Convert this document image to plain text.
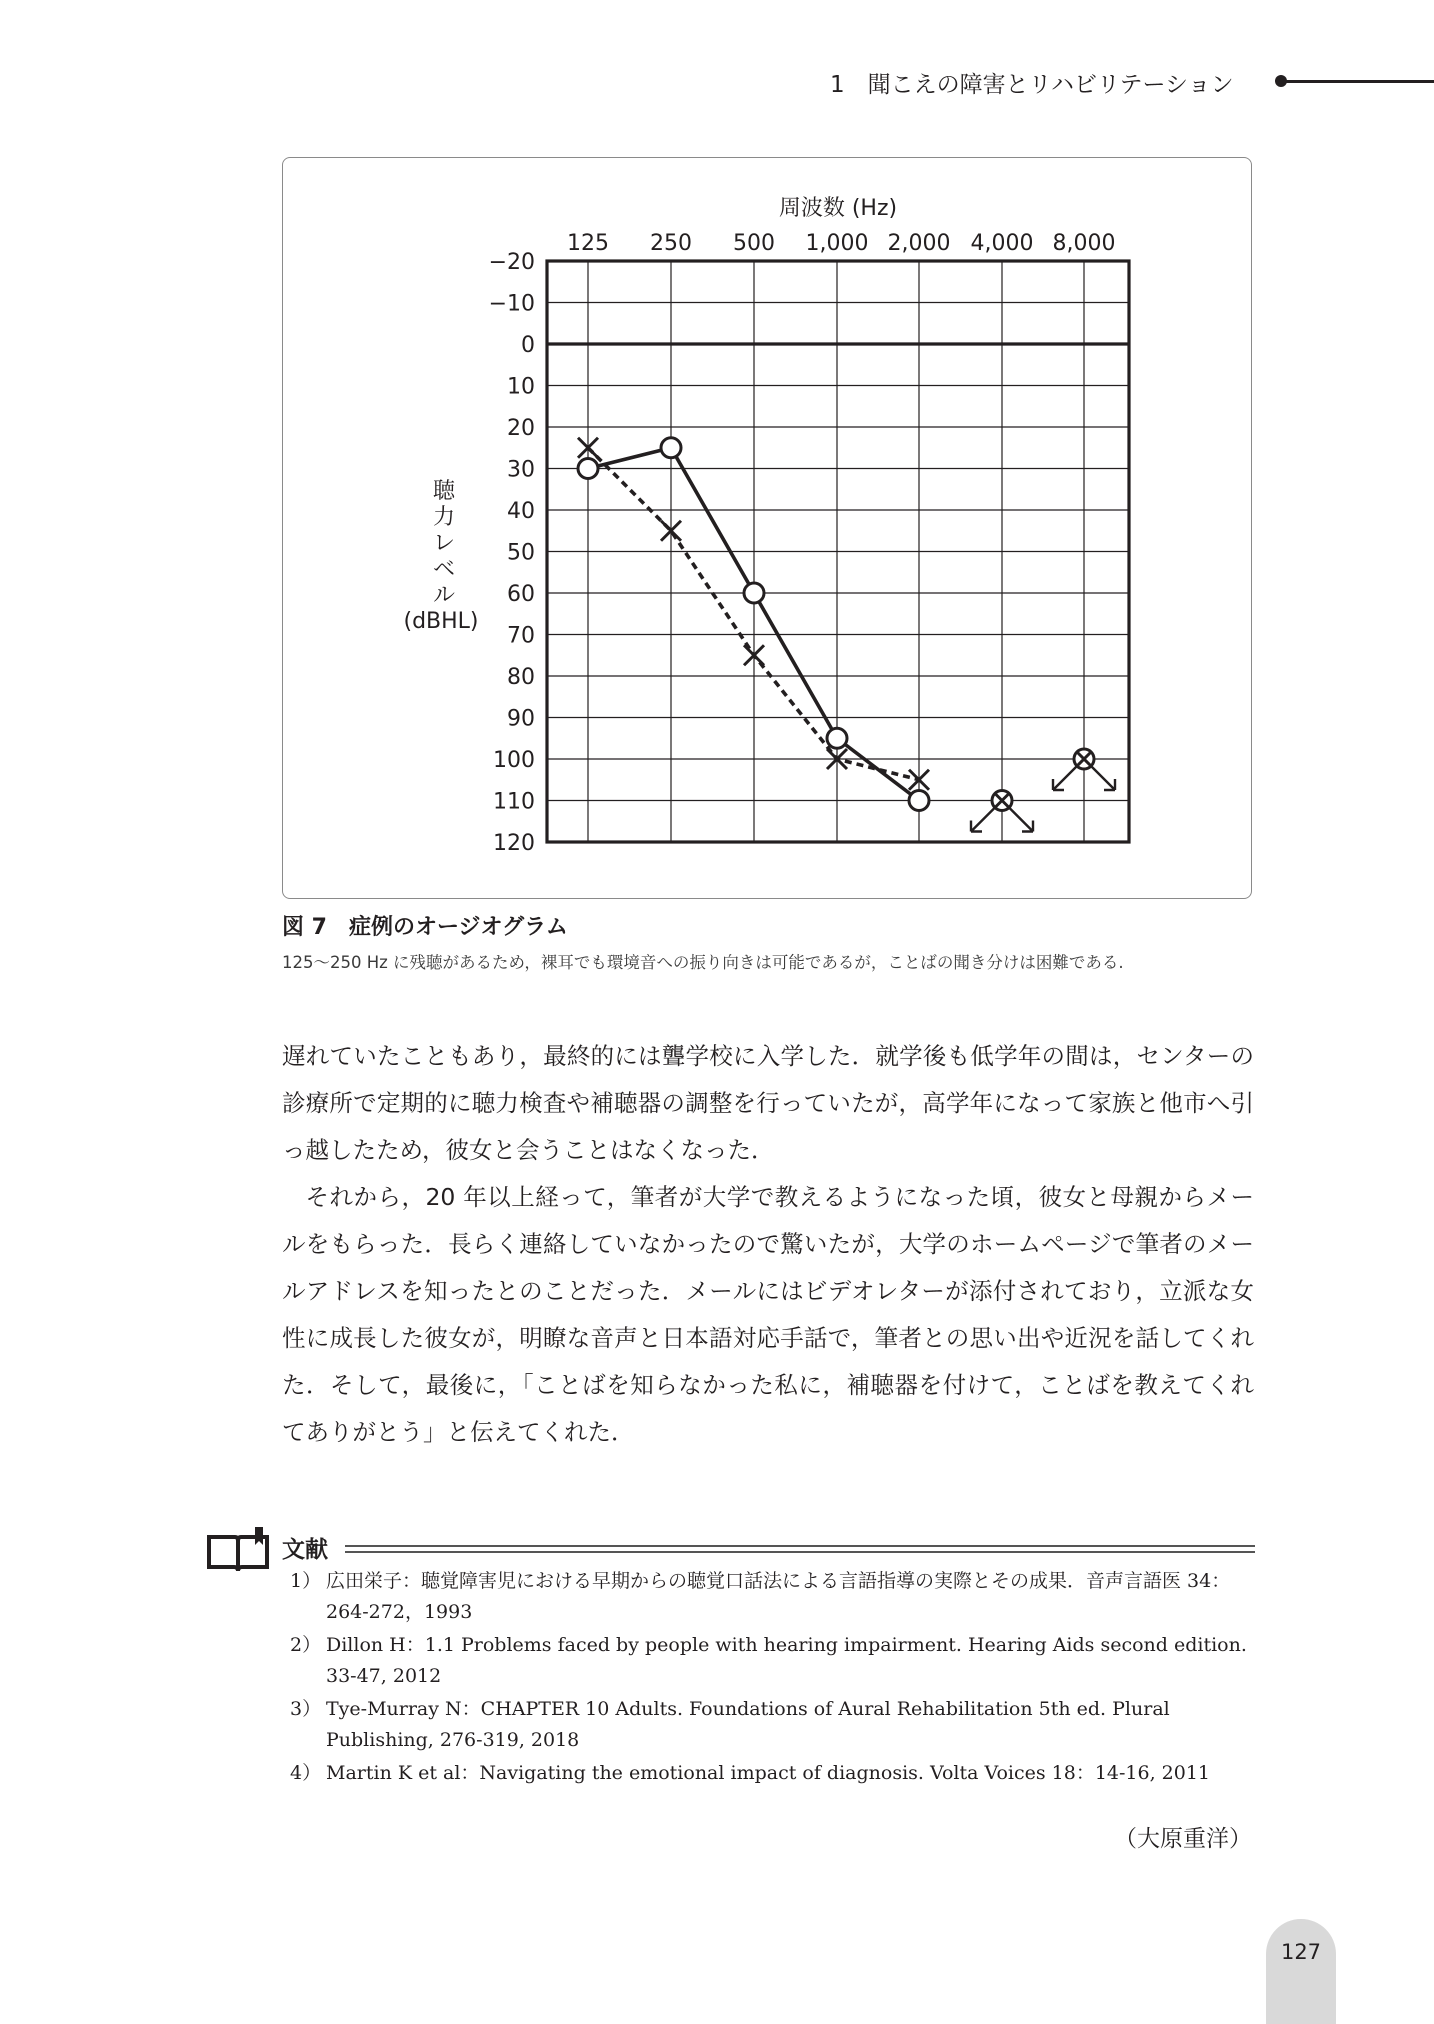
1　聞こえの障害とリハビリテーション
周波数 (Hz)
125 250 500 1,000 2,000 4,000 8,000
−20
−10
0
10
20
30
40
50
60
70
80
90
100
110
120
聴
力
レ
ベ
ル
(dBHL)
図 7　 症例のオージオグラム
125～250 Hz に残聴があるため，裸耳でも環境音への振り向きは可能であるが，ことばの聞き分けは困難である.

遅れていたこともあり，最終的には聾学校に入学した．就学後も低学年の間は，センターの診療所で定期的に聴力検査や補聴器の調整を行っていたが，高学年になって家族と他市へ引っ越したため，彼女と会うことはなくなった．

それから，20 年以上経って，筆者が大学で教えるようになった頃，彼女と母親からメールをもらった．長らく連絡していなかったので驚いたが，大学のホームページで筆者のメールアドレスを知ったとのことだった．メールにはビデオレターが添付されており，立派な女性に成長した彼女が，明瞭な音声と日本語対応手話で，筆者との思い出や近況を話してくれた．そして，最後に，「ことばを知らなかった私に，補聴器を付けて，ことばを教えてくれてありがとう」と伝えてくれた．

文献
1） 広田栄子：聴覚障害児における早期からの聴覚口話法による言語指導の実際とその成果．音声言語医 34：264-272，1993
2） Dillon H：1.1 Problems faced by people with hearing impairment. Hearing Aids second edition. 33-47, 2012
3） Tye-Murray N：CHAPTER 10 Adults. Foundations of Aural Rehabilitation 5th ed. Plural Publishing, 276-319, 2018
4） Martin K et al：Navigating the emotional impact of diagnosis. Volta Voices 18：14-16, 2011
（大原重洋）
127
